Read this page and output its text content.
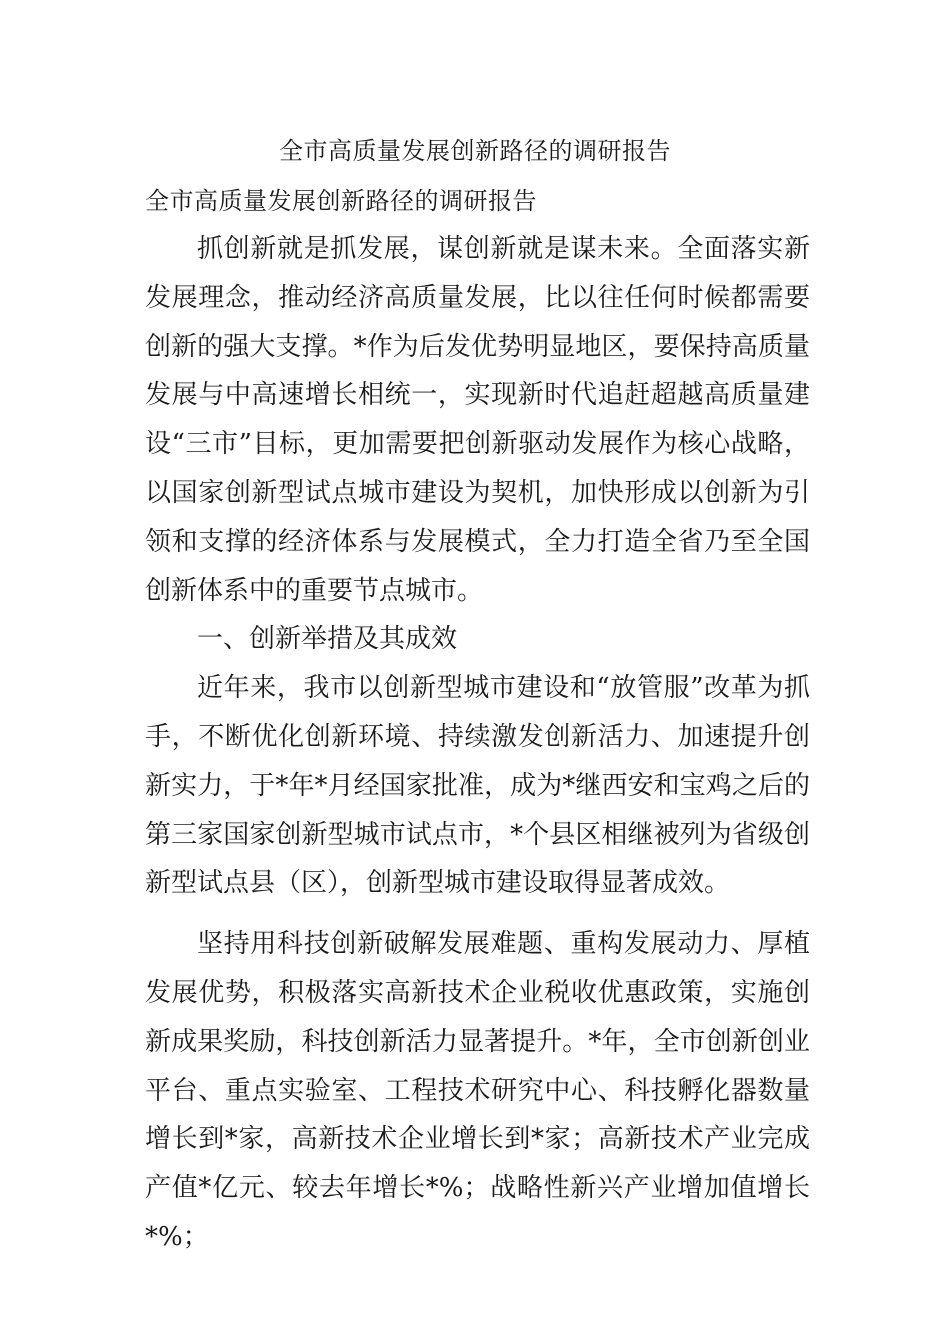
全市高质量发展创新路径的调研报告
全市高质量发展创新路径的调研报告

抓创新就是抓发展，谋创新就是谋未来。全面落实新发展理念，推动经济高质量发展，比以往任何时候都需要创新的强大支撑。*作为后发优势明显地区，要保持高质量发展与中高速增长相统一，实现新时代追赶超越高质量建设“三市”目标，更加需要把创新驱动发展作为核心战略，以国家创新型试点城市建设为契机，加快形成以创新为引领和支撑的经济体系与发展模式，全力打造全省乃至全国创新体系中的重要节点城市。

一、创新举措及其成效

近年来，我市以创新型城市建设和“放管服”改革为抓手，不断优化创新环境、持续激发创新活力、加速提升创新实力，于*年*月经国家批准，成为*继西安和宝鸡之后的第三家国家创新型城市试点市，*个县区相继被列为省级创新型试点县（区），创新型城市建设取得显著成效。

坚持用科技创新破解发展难题、重构发展动力、厚植发展优势，积极落实高新技术企业税收优惠政策，实施创新成果奖励，科技创新活力显著提升。*年，全市创新创业平台、重点实验室、工程技术研究中心、科技孵化器数量增长到*家，高新技术企业增长到*家；高新技术产业完成产值*亿元、较去年增长*%；战略性新兴产业增加值增长*%；
